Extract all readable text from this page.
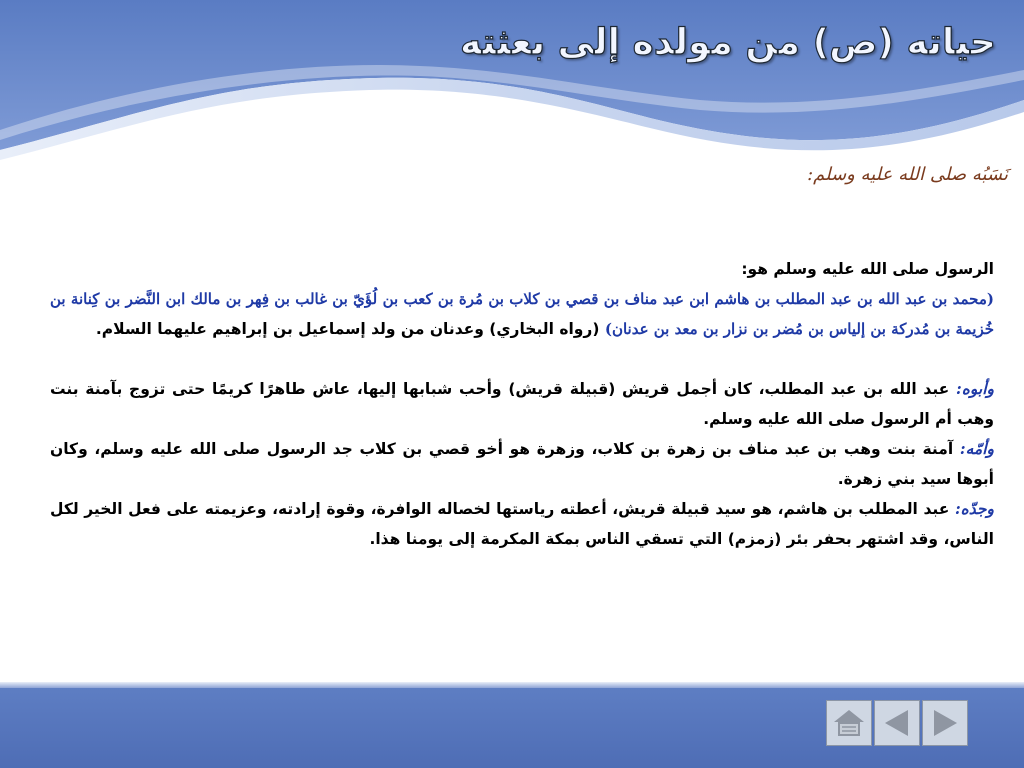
حياته (ص) من مولده إلى بعثته
نَسَبُه صلى الله عليه وسلم:

الرسول صلى الله عليه وسلم هو:

(محمد بن عبد الله بن عبد المطلب بن هاشم ابن عبد مناف بن قصي بن كلاب بن مُرة بن كعب بن لُؤَيّ بن غالب بن فِهر بن مالك ابن النَّضر بن كِنانة بن خُزيمة بن مُدركة بن إلياس بن مُضر بن نزار بن معد بن عدنان) (رواه البخاري) وعدنان من ولد إسماعيل بن إبراهيم عليهما السلام.

وأبوه: عبد الله بن عبد المطلب، كان أجمل قريش (قبيلة قريش) وأحب شبابها إليها، عاش طاهرًا كريمًا حتى تزوج بآمنة بنت وهب أم الرسول صلى الله عليه وسلم.

وأمّه: آمنة بنت وهب بن عبد مناف بن زهرة بن كلاب، وزهرة هو أخو قصي بن كلاب جد الرسول صلى الله عليه وسلم، وكان أبوها سيد بني زهرة.

وجدّه: عبد المطلب بن هاشم، هو سيد قبيلة قريش، أعطته رياستها لخصاله الوافرة، وقوة إرادته، وعزيمته على فعل الخير لكل الناس، وقد اشتهر بحفر بئر (زمزم) التي تسقي الناس بمكة المكرمة إلى يومنا هذا.
